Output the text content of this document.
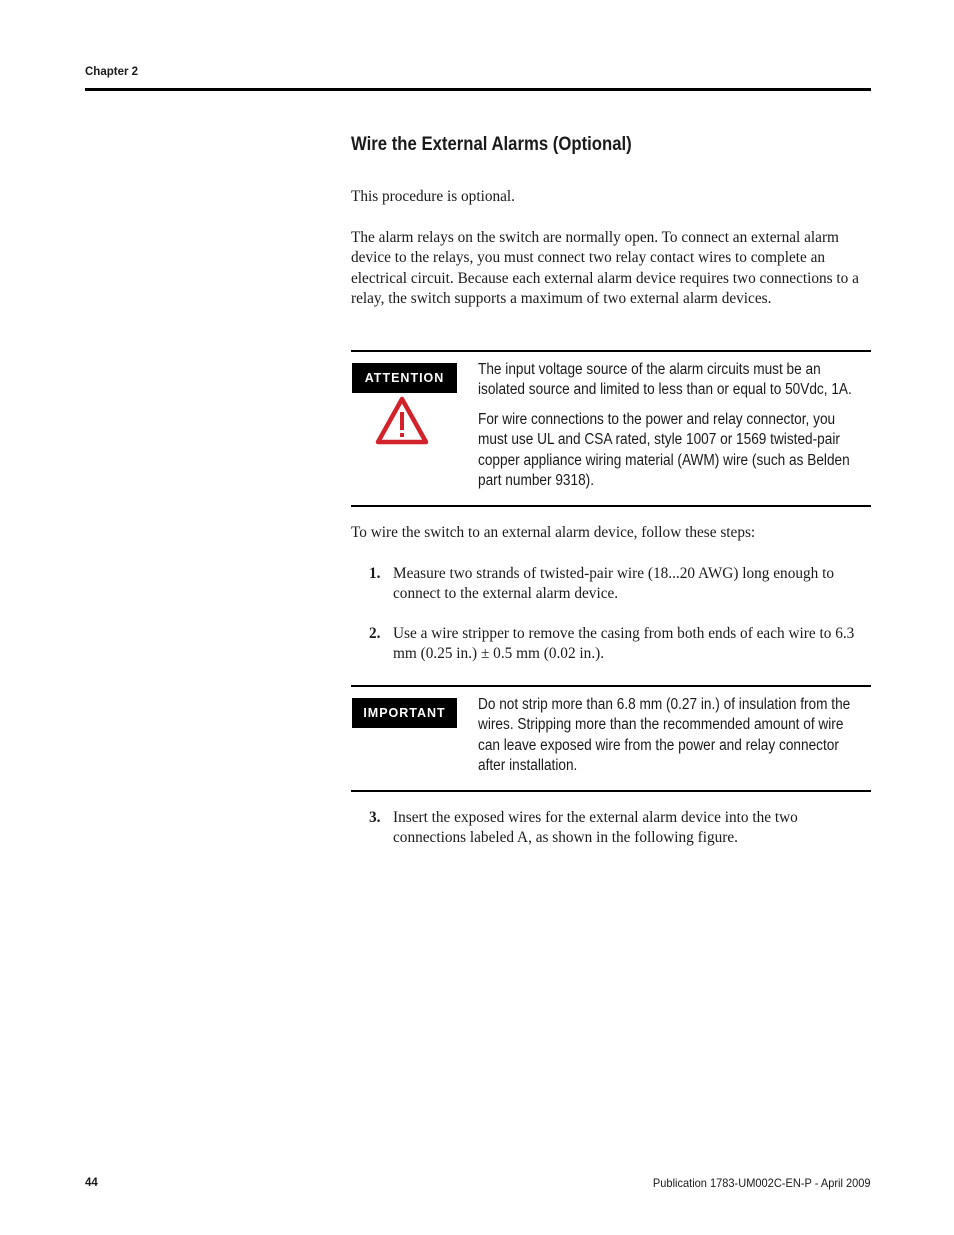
Chapter 2
Wire the External Alarms (Optional)

This procedure is optional.

The alarm relays on the switch are normally open. To connect an external alarm device to the relays, you must connect two relay contact wires to complete an electrical circuit. Because each external alarm device requires two connections to a relay, the switch supports a maximum of two external alarm devices.

ATTENTION	The input voltage source of the alarm circuits must be an isolated source and limited to less than or equal to 50Vdc, 1A.

For wire connections to the power and relay connector, you must use UL and CSA rated, style 1007 or 1569 twisted-pair copper appliance wiring material (AWM) wire (such as Belden part number 9318).

To wire the switch to an external alarm device, follow these steps:

1. Measure two strands of twisted-pair wire (18...20 AWG) long enough to connect to the external alarm device.

2. Use a wire stripper to remove the casing from both ends of each wire to 6.3 mm (0.25 in.) ± 0.5 mm (0.02 in.).

IMPORTANT	Do not strip more than 6.8 mm (0.27 in.) of insulation from the wires. Stripping more than the recommended amount of wire can leave exposed wire from the power and relay connector after installation.

3. Insert the exposed wires for the external alarm device into the two connections labeled A, as shown in the following figure.

44	Publication 1783-UM002C-EN-P - April 2009
